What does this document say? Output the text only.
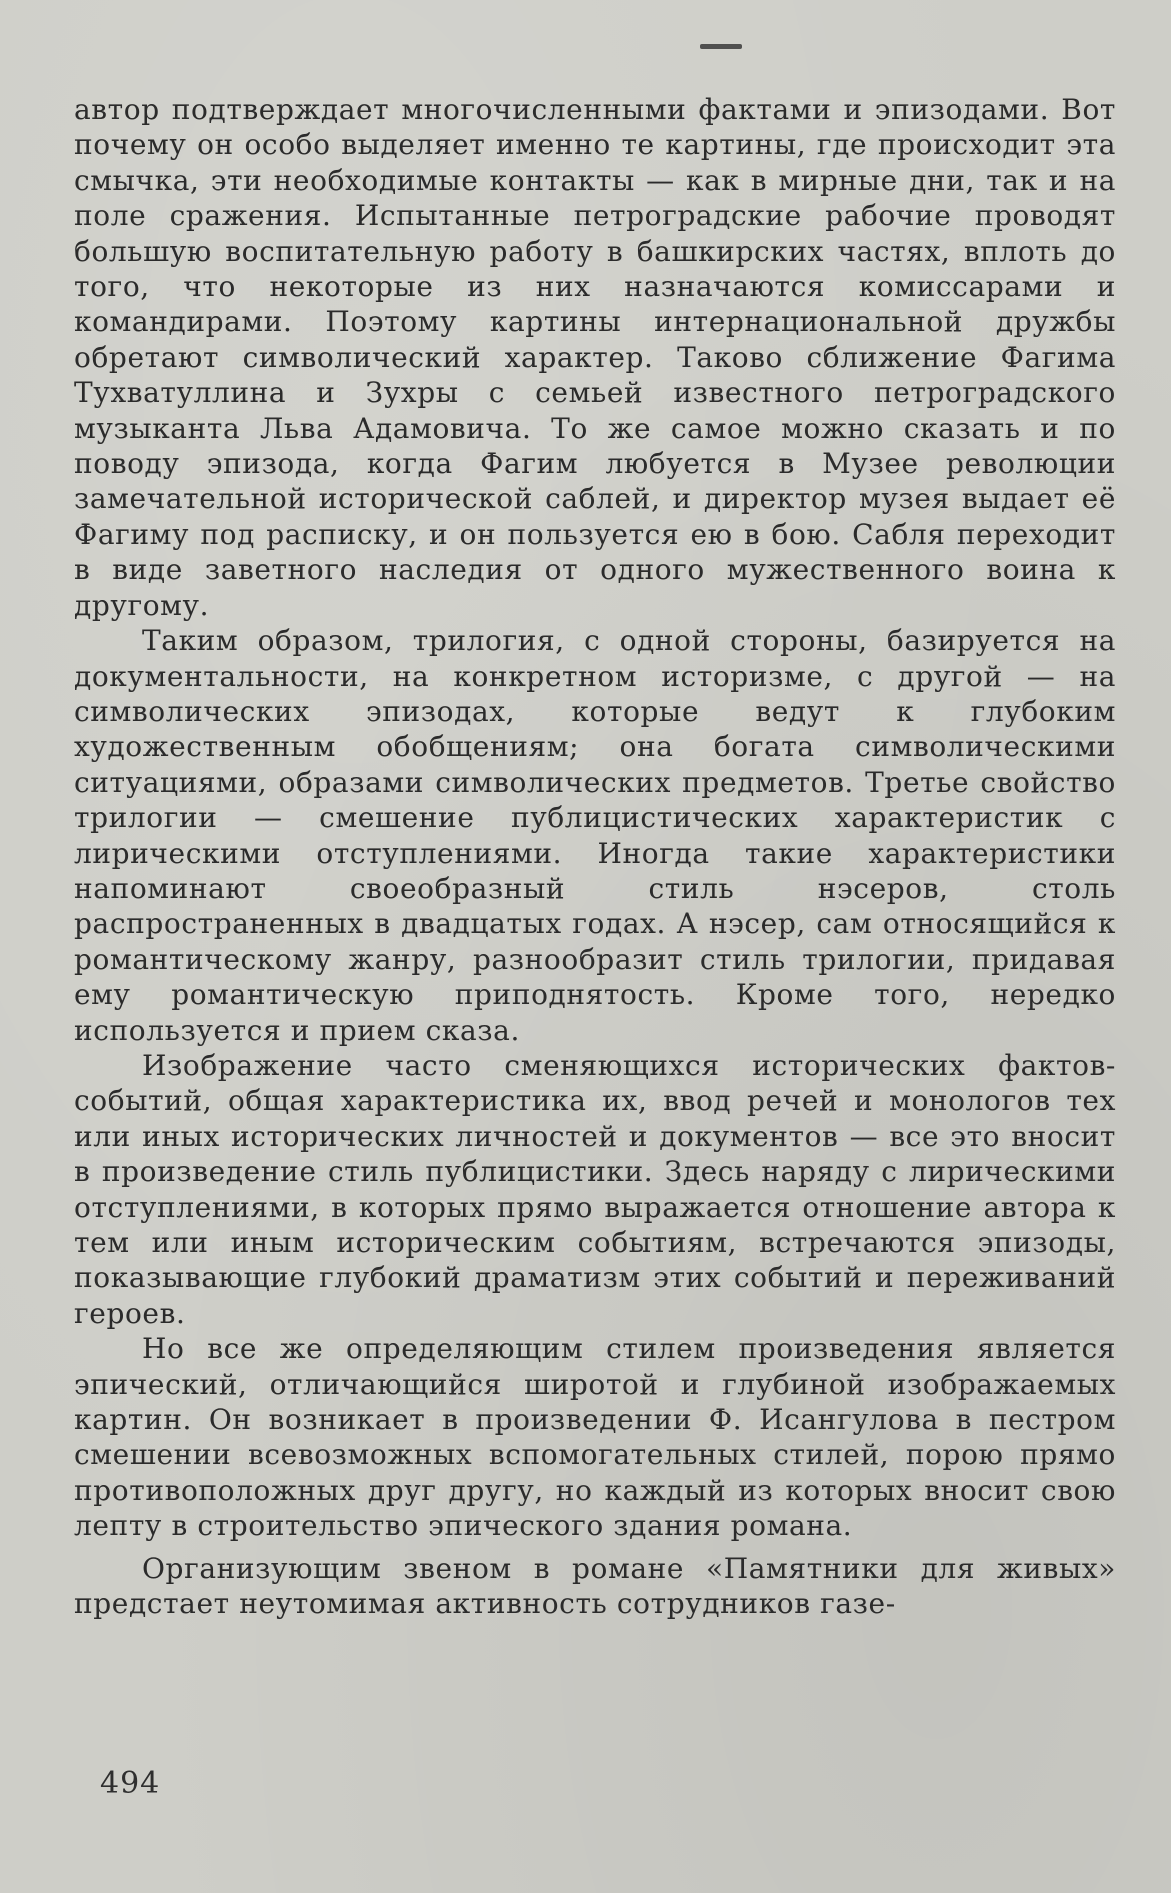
автор подтверждает многочисленными фактами и эпизодами. Вот почему он особо выделяет именно те картины, где происходит эта смычка, эти необходимые контакты — как в мирные дни, так и на поле сражения. Испытанные петроградские рабочие проводят большую воспитательную работу в башкирских частях, вплоть до того, что некоторые из них назначаются комиссарами и командирами. Поэтому картины интернациональной дружбы обретают символический характер. Таково сближение Фагима Тухватуллина и Зухры с семьей известного петроградского музыканта Льва Адамовича. То же самое можно сказать и по поводу эпизода, когда Фагим любуется в Музее революции замечательной исторической саблей, и директор музея выдает её Фагиму под расписку, и он пользуется ею в бою. Сабля переходит в виде заветного наследия от одного мужественного воина к другому.

Таким образом, трилогия, с одной стороны, базируется на документальности, на конкретном историзме, с другой — на символических эпизодах, которые ведут к глубоким художественным обобщениям; она богата символическими ситуациями, образами символических предметов. Третье свойство трилогии — смешение публицистических характеристик с лирическими отступлениями. Иногда такие характеристики напоминают своеобразный стиль нэсеров, столь распространенных в двадцатых годах. А нэсер, сам относящийся к романтическому жанру, разнообразит стиль трилогии, придавая ему романтическую приподнятость. Кроме того, нередко используется и прием сказа.

Изображение часто сменяющихся исторических фактов-событий, общая характеристика их, ввод речей и монологов тех или иных исторических личностей и документов — все это вносит в произведение стиль публицистики. Здесь наряду с лирическими отступлениями, в которых прямо выражается отношение автора к тем или иным историческим событиям, встречаются эпизоды, показывающие глубокий драматизм этих событий и переживаний героев.

Но все же определяющим стилем произведения является эпический, отличающийся широтой и глубиной изображаемых картин. Он возникает в произведении Ф. Исангулова в пестром смешении всевозможных вспомогательных стилей, порою прямо противоположных друг другу, но каждый из которых вносит свою лепту в строительство эпического здания романа.

Организующим звеном в романе «Памятники для живых» предстает неутомимая активность сотрудников газе-

494
